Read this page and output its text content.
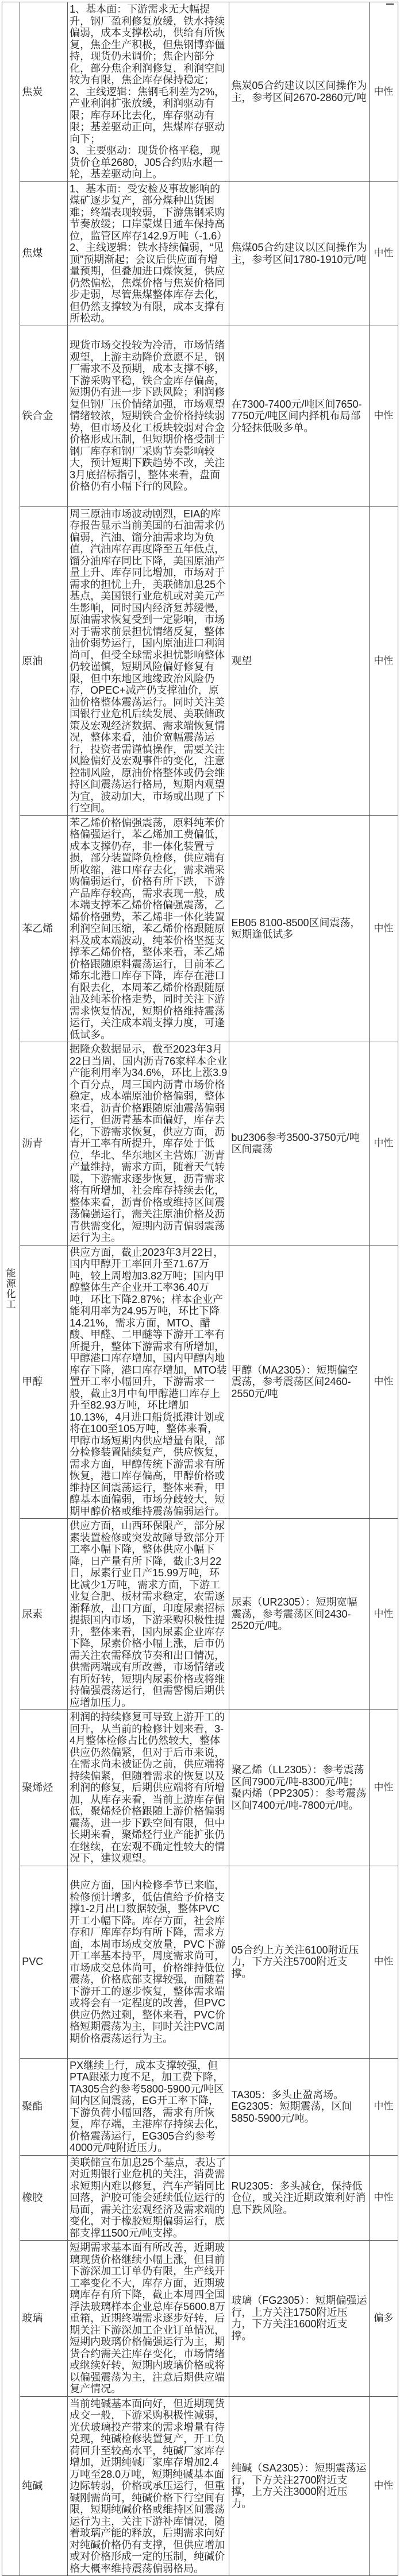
能源化工	焦炭	1、基本面：下游需求无大幅提升，钢厂盈利修复放缓，铁水持续偏弱，成本支撑松动，供给有所恢复，焦企生产积极，但焦钢博弈僵持，现货仍未调价；焦企内部分化，部分焦企利润修复，利润空间较为有限，焦企库存保持稳定；
2、主线逻辑：焦钢毛利差为2%，产业利润扩张放缓，利润驱动有限；库存环比去化，库存驱动有限；基差驱动正向，焦煤库存驱动向下；
3、主要驱动：现货价格平稳，现货价仓单2680，J05合约贴水超一轮，基差驱动向上。	焦炭05合约建议以区间操作为主，参考区间2670-2860元/吨	中性

	焦煤	1、基本面：受安检及事故影响的煤矿逐步复产，部分煤种出货困难；终端表现较弱，下游焦钢采购节奏放缓；口岸蒙煤日通车保持高位，监管区库存142.9万吨（-1.6）
2、主线逻辑：铁水持续偏弱，“见顶”预期渐起；会议后供应面有增量预期，但叠加进口煤恢复，供应仍然偏松，焦煤价格与焦炭价格同步走弱，尽管焦煤整体库存去化，但仍然支撑较为有限，成本支撑有所松动。	焦煤05合约建议以区间操作为主，参考区间1780-1910元/吨	中性

	铁合金	现货市场交投较为冷清，市场情绪观望，上游主动降价意愿不足，钢厂需求不及预期，成本支撑不够，下游采购平稳，铁合金库存偏高，短期仍有进一步下跌风险；利润修复但钢厂压价情绪加强，市场观望情绪较浓，短期铁合金价格持续弱势，但市场及化工板块较弱对合金价格形成压制，但短期价格受制于钢厂库存和钢厂采购节奏影响较大，预计短期下跌趋势不改，关注3月底招标指引，整体来看，盘面价格仍有小幅下行的风险。	在7300-7400元/吨区间7650-7750元/吨区间内择机布局部分轻抹低吸多单。	中性

	原油	周三原油市场波动剧烈，EIA的库存报告显示当前美国的石油需求仍偏弱，汽油、馏分油需求均为负值，汽油库存再度降至五年低点，馏分油库存同比下降，美国原油产量上升、库存同比增加，市场对于需求的担忧上升，美联储加息25个基点，美国银行业危机或对美元产生影响，同时国内经济复苏缓慢，原油需求恢复受到一定影响，市场对于需求前景担忧情绪反复，整体油价弱势运行，国内原油进口利润尚可，但受全球需求担忧影响整体仍较谨慎，短期风险偏好修复有限，但中东地区地缘政治风险仍存，OPEC+减产仍支撑油价，原油价格整体震荡运行。同时关注美国银行业危机后续发展、美联储政策及宏观经济数据、需求端恢复情况，整体来看，油价宽幅震荡运行，投资者需谨慎操作，需要关注风险偏好及宏观事件的变化，注意控制风险，原油价格整体或仍会维持区间震荡运行格局，短期内观望为宜，波动加大，市场或出现了下行空间。	观望	中性

	苯乙烯	苯乙烯价格偏强震荡，原料纯苯价格偏强运行，苯乙烯加工费偏低，成本支撑仍存，非一体化装置亏损，部分装置降负检修，供应端有所收缩，港口库存去化，需求端采购偏弱运行，价格有所下跌，下游产品库存较高，需求表现一般，成本端支撑苯乙烯价格偏强震荡，乙烯价格强势，苯乙烯非一体化装置利润空间压缩，苯乙烯价格跟随原料及成本端波动，纯苯价格坚挺支撑苯乙烯价格，整体来看，苯乙烯价格跟随原料震荡运行，目前苯乙烯东北港口库存下降，库存在港口有限去化，本周苯乙烯价格跟随原油及纯苯价格走势，同时关注下游需求恢复情况，短期价格维持震荡运行，关注成本端支撑力度，可逢低试多。	EB05 8100-8500区间震荡，短期逢低试多	中性

	沥青	据隆众数据显示，截至2023年3月22日当周，国内沥青76家样本企业产能利用率为34.6%，环比上涨3.9个百分点，周三国内沥青市场价格稳定，成本端原油价格偏弱，整体来看，沥青价格跟随原油震荡偏弱运行，但沥青基本面偏好，库存去化，下游需求恢复，供应方面，沥青开工率有所提升，库存处于低位，华北、华东地区主营炼厂沥青产量维持，需求方面，随着天气转暖，下游需求逐步恢复，沥青需求将有所增加，社会库存持续去化，整体来看，沥青价格或维持区间震荡偏强运行，需关注原油价格及沥青供需变化，短期内沥青偏弱震荡运行为主。	bu2306参考3500-3750元/吨区间震荡	中性

	甲醇	供应方面，截止2023年3月22日，国内甲醇开工率回升至71.67万吨，较上周增加3.82万吨；国内甲醇整体生产企业开工率36.40万吨，环比下降2.87%；样本企业产能利用率为24.95万吨，环比下降14.21%，需求方面，MTO、醋酸、甲醛、二甲醚等下游开工率有所提升，整体下游需求有所增加，甲醇港口库存增加，国内甲醇内地库存下降，港口库存增加，MTO装置开工率小幅回升，下游需求一般，截止3月中旬甲醇港口库存上升至82.93万吨，环比增加10.13%，4月进口船货抵港计划或将在100至105万吨，整体来看，甲醇市场短期内供应增量有限，部分检修装置陆续复产，供应恢复，需求方面，甲醇传统下游需求有所恢复，港口库存偏高，甲醇价格或维持区间震荡运行，整体来看，甲醇基本面偏弱，市场分歧较大，短期甲醇价格或维持震荡偏弱运行。	甲醇（MA2305）：短期偏空震荡，参考震荡区间2460-2550元/吨	中性

	尿素	供应方面，山西环保限产，部分尿素装置检修或突发故障导致部分开工率小幅下降，整体供应小幅下降，日产量有所下降，截止3月22日，尿素行业日产15.99万吨，环比减少1万吨，需求方面，下游工业复合肥、板材需求稳定，农需逐渐释放，出口方面，印度尿素招标提振国内市场，下游采购积极性提升，整体来看，国内尿素企业库存下降，尿素价格小幅上涨，后市仍需关注农需释放节奏和出口情况，供需两端或有所改善，市场情绪或有所好转，短期内尿素价格或将维持偏强震荡运行，但需警惕后期供应增加压力。	尿素（UR2305）：短期宽幅震荡，参考震荡区间2430-2520元/吨。	中性

	聚烯烃	利润的持续修复可导致上游开工的回升，从当前的检修计划来看，3-4月整体检修占比仍然较大，整体供应仍然偏紧，但对于后市来说，在需求尚未被证伪之前，供应端将持续偏紧，但随着需求的恢复以及利润的修复，后期供应端将有所增加，从库存来看，当前上游库存偏低，聚烯烃价格跟随上游价格偏弱震荡，进一步下跌空间有限，但中长期来看，聚烯烃行业产能扩张仍在继续，在宏观不确定性较大的情况下，建议观望。	聚乙烯（LL2305）：参考震荡区间7900元/吨-8300元/吨；聚丙烯（PP2305）：参考震荡区间7400元/吨-7800元/吨。	中性

	PVC	供应方面，国内检修季节已来临，检修预计增多，低估值给予价格支撑1-2月出口数据较强，整体PVC开工小幅下降。库存方面，社会库存和厂库库存均有所下降，需求方面，本周市场成交放量，PVC下游开工率基本持平，周度需求尚可，市场成交总体尚可，价格维持低位震荡，价格底部支撑较强，而随着下游开工的逐步恢复，整体需求端或将会有一定程度的改善，但PVC供应仍然过剩，整体来看，PVC价格短期震荡为主，同时关注PVC周期价格震荡运行为主。	05合约上方关注6100附近压力，下方关注5700附近支撑。	中性

	聚酯	PX继续上行，成本支撑较强，但PTA跟涨力度不足，加工费下降，TA305合约参考5800-5900元/吨区间内区间震荡，EG开工率下降，下游负荷小幅回落，需求有所恢复，库存端，主港库存持续去化，价格震荡运行，EG305合约参考4000元/吨附近压力。	TA305：多头止盈离场。EG2305：短期震荡，区间5850-5900元/吨。	中性

	橡胶	美联储宣布加息25个基点，表达了对近期银行业危机的关注，消费需求短期内难以修复，汽车产销同比回落，沪胶可能会延续低位运行的局面，需关注宏观经济及需求端的变化，对于橡胶短期偏弱运行，底部支撑11500元/吨支撑。	RU2305：多头减仓，保持低仓位，或关注近期政策利好消息下跌风险。	中性

	玻璃	短期需求基本面有所改善，近期玻璃现货价格继续小幅上涨，但目前下游深加工订单仍有限，生产线开工率变化不大，库存方面，近期玻璃库存有所下降，截止本周四全国浮法玻璃样本企业总库存5600.8万重箱，近期终端需求逐步好转，后期关注下游深加工企业订单情况，短期内玻璃价格偏强运行为主，期货合约需关注库存变化，市场情绪或继续好转，短期内玻璃价格或将以偏强震荡为主，注意后期供应端复产情况。	玻璃（FG2305）：短期偏强运行，上方关注1750附近压力，下方关注1600附近支撑。	偏多

	纯碱	当前纯碱基本面向好，但近期现货成交一般，下游采购积极性减弱，光伏玻璃投产带来的需求增量有待兑现，纯碱检修装置复产，开工负荷回升至较高水平，纯碱厂家库存增加，近期纯碱厂家库存增加2.4万吨至28.0万吨，短期纯碱基本面边际转弱，价格或承压运行，但重碱刚需尚可，纯碱价格下行空间有限，短期纯碱价格或维持区间震荡运行为主，关注下游补库情况，随着玻璃产能的释放，后期需求向好对纯碱价格仍有支撑，但供应增加或对价格形成一定的压制，纯碱价格大概率维持震荡偏弱格局。	纯碱（SA2305）：短期震荡运行，下方关注2700附近支撑，上方关注3000附近压力。	中性
